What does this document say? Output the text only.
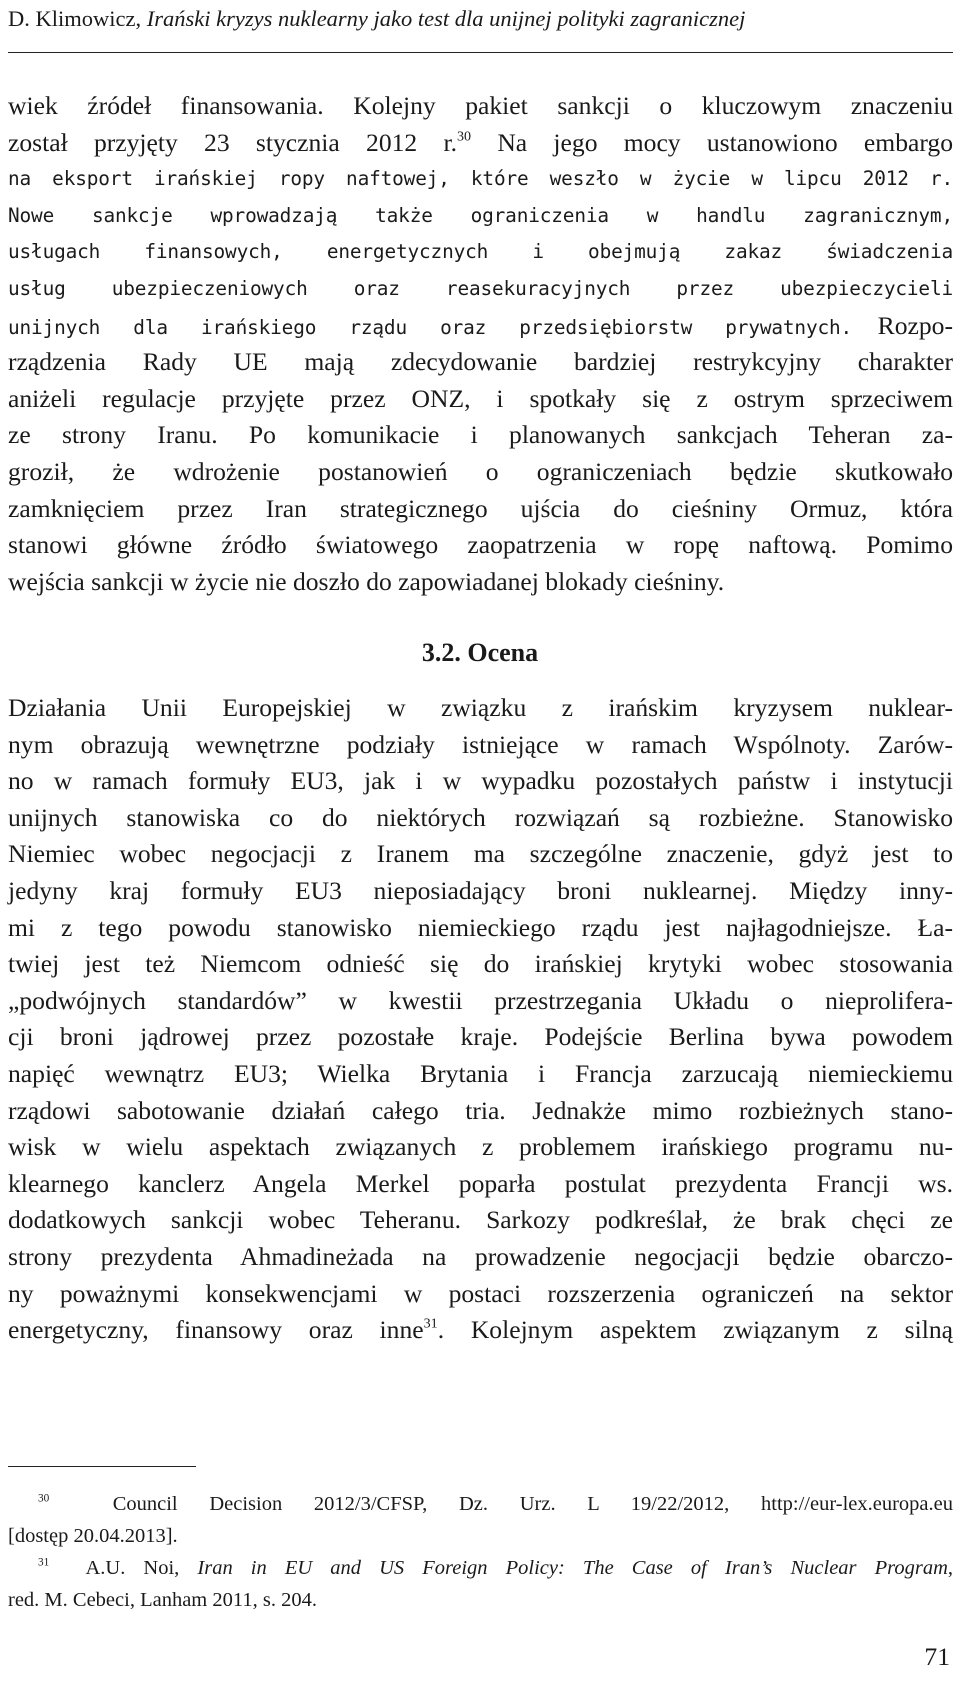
D. Klimowicz, Irański kryzys nuklearny jako test dla unijnej polityki zagranicznej
wiek źródeł finansowania. Kolejny pakiet sankcji o kluczowym znaczeniu
został przyjęty 23 stycznia 2012 r.$^{30}$ Na jego mocy ustanowiono embargo
na eksport irańskiej ropy naftowej, które weszło w życie w lipcu 2012 r.
Nowe sankcje wprowadzają także ograniczenia w handlu zagranicznym,
usługach finansowych, energetycznych i obejmują zakaz świadczenia
usług ubezpieczeniowych oraz reasekuracyjnych przez ubezpieczycieli
unijnych dla irańskiego rządu oraz przedsiębiorstw prywatnych. Rozpo-
rządzenia Rady UE mają zdecydowanie bardziej restrykcyjny charakter
aniżeli regulacje przyjęte przez ONZ, i spotkały się z ostrym sprzeciwem
ze strony Iranu. Po komunikacie i planowanych sankcjach Teheran za-
groził, że wdrożenie postanowień o ograniczeniach będzie skutkowało
zamknięciem przez Iran strategicznego ujścia do cieśniny Ormuz, która
stanowi główne źródło światowego zaopatrzenia w ropę naftową. Pomimo
wejścia sankcji w życie nie doszło do zapowiadanej blokady cieśniny.
3.2. Ocena
Działania Unii Europejskiej w związku z irańskim kryzysem nuklear-
nym obrazują wewnętrzne podziały istniejące w ramach Wspólnoty. Zarów-
no w ramach formuły EU3, jak i w wypadku pozostałych państw i instytucji
unijnych stanowiska co do niektórych rozwiązań są rozbieżne. Stanowisko
Niemiec wobec negocjacji z Iranem ma szczególne znaczenie, gdyż jest to
jedyny kraj formuły EU3 nieposiadający broni nuklearnej. Między inny-
mi z tego powodu stanowisko niemieckiego rządu jest najłagodniejsze. Ła-
twiej jest też Niemcom odnieść się do irańskiej krytyki wobec stosowania
„podwójnych standardów” w kwestii przestrzegania Układu o nieprolifera-
cji broni jądrowej przez pozostałe kraje. Podejście Berlina bywa powodem
napięć wewnątrz EU3; Wielka Brytania i Francja zarzucają niemieckiemu
rządowi sabotowanie działań całego tria. Jednakże mimo rozbieżnych stano-
wisk w wielu aspektach związanych z problemem irańskiego programu nu-
klearnego kanclerz Angela Merkel poparła postulat prezydenta Francji ws.
dodatkowych sankcji wobec Teheranu. Sarkozy podkreślał, że brak chęci ze
strony prezydenta Ahmadineżada na prowadzenie negocjacji będzie obarczo-
ny poważnymi konsekwencjami w postaci rozszerzenia ograniczeń na sektor
energetyczny, finansowy oraz inne$^{31}$. Kolejnym aspektem związanym z silną
$^{30}$	Council Decision 2012/3/CFSP, Dz. Urz. L 19/22/2012, http://eur-lex.europa.eu
[dostęp 20.04.2013].
$^{31}$ A.U. Noi, Iran in EU and US Foreign Policy: The Case of Iran’s Nuclear Program,
red. M. Cebeci, Lanham 2011, s. 204.
71
